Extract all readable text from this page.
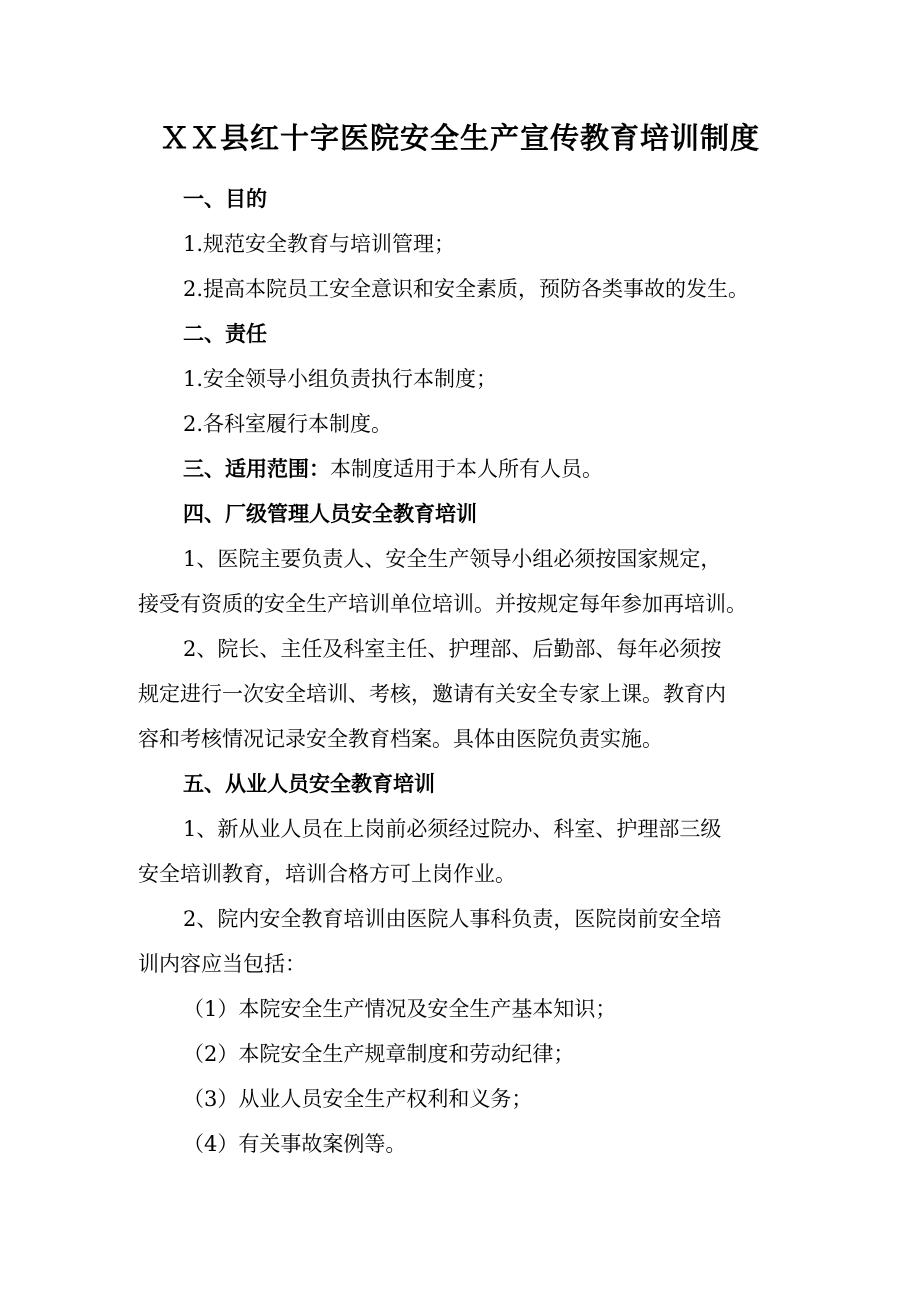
ＸＸ县红十字医院安全生产宣传教育培训制度
一、目的
1.规范安全教育与培训管理；
2.提高本院员工安全意识和安全素质，预防各类事故的发生。
二、责任
1.安全领导小组负责执行本制度；
2.各科室履行本制度。
三、适用范围：本制度适用于本人所有人员。
四、厂级管理人员安全教育培训
1、医院主要负责人、安全生产领导小组必须按国家规定，
接受有资质的安全生产培训单位培训。并按规定每年参加再培训。
2、院长、主任及科室主任、护理部、后勤部、每年必须按
规定进行一次安全培训、考核，邀请有关安全专家上课。教育内
容和考核情况记录安全教育档案。具体由医院负责实施。
五、从业人员安全教育培训
1、新从业人员在上岗前必须经过院办、科室、护理部三级
安全培训教育，培训合格方可上岗作业。
2、院内安全教育培训由医院人事科负责，医院岗前安全培
训内容应当包括：
（1）本院安全生产情况及安全生产基本知识；
（2）本院安全生产规章制度和劳动纪律；
（3）从业人员安全生产权利和义务；
（4）有关事故案例等。
